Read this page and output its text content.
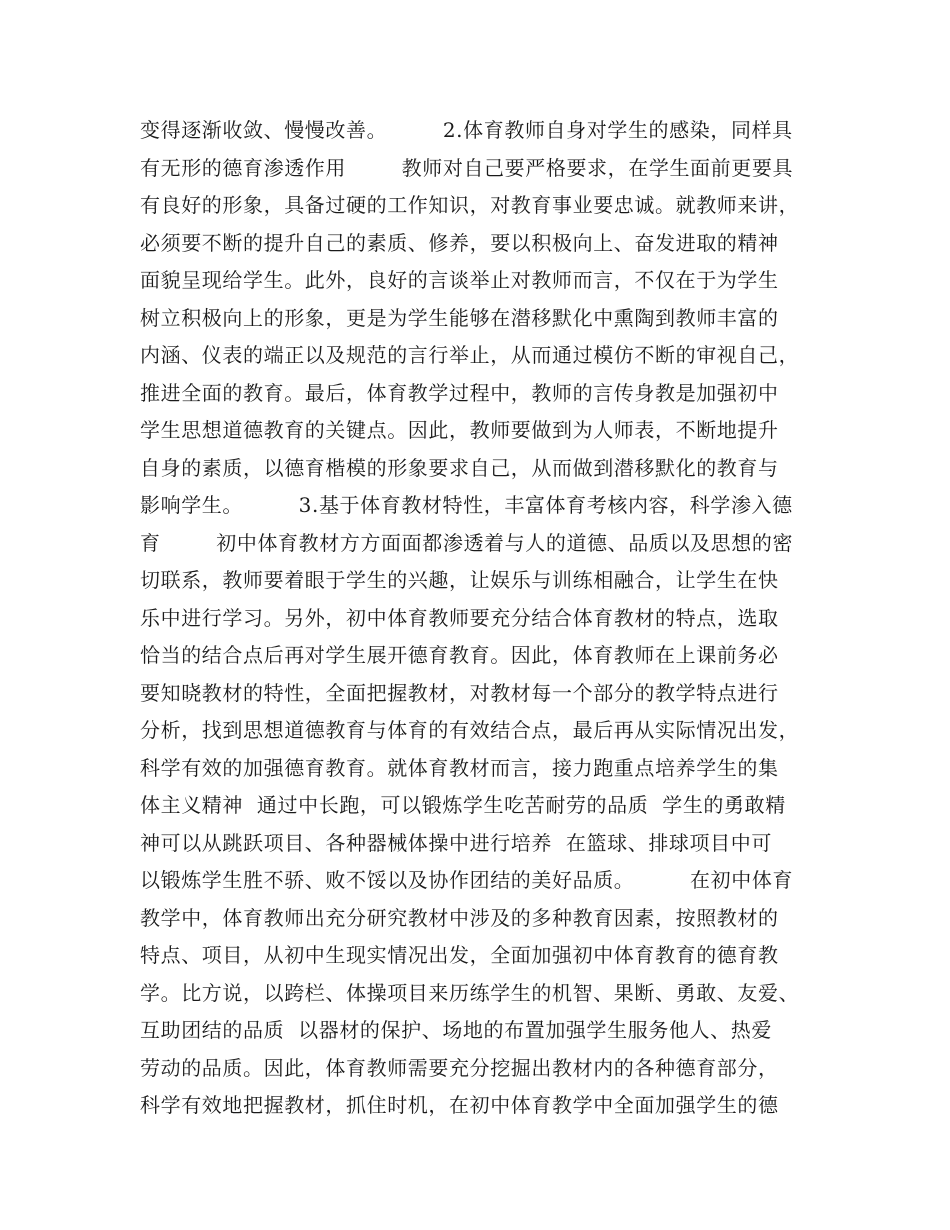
变得逐渐收敛、慢慢改善。        2.体育教师自身对学生的感染，同样具
有无形的德育渗透作用        教师对自己要严格要求，在学生面前更要具
有良好的形象，具备过硬的工作知识，对教育事业要忠诚。就教师来讲，
必须要不断的提升自己的素质、修养，要以积极向上、奋发进取的精神
面貌呈现给学生。此外，良好的言谈举止对教师而言，不仅在于为学生
树立积极向上的形象，更是为学生能够在潜移默化中熏陶到教师丰富的
内涵、仪表的端正以及规范的言行举止，从而通过模仿不断的审视自己，
推进全面的教育。最后，体育教学过程中，教师的言传身教是加强初中
学生思想道德教育的关键点。因此，教师要做到为人师表，不断地提升
自身的素质，以德育楷模的形象要求自己，从而做到潜移默化的教育与
影响学生。        3.基于体育教材特性，丰富体育考核内容，科学渗入德
育        初中体育教材方方面面都渗透着与人的道德、品质以及思想的密
切联系，教师要着眼于学生的兴趣，让娱乐与训练相融合，让学生在快
乐中进行学习。另外，初中体育教师要充分结合体育教材的特点，选取
恰当的结合点后再对学生展开德育教育。因此，体育教师在上课前务必
要知晓教材的特性，全面把握教材，对教材每一个部分的教学特点进行
分析，找到思想道德教育与体育的有效结合点，最后再从实际情况出发，
科学有效的加强德育教育。就体育教材而言，接力跑重点培养学生的集
体主义精神  通过中长跑，可以锻炼学生吃苦耐劳的品质  学生的勇敢精
神可以从跳跃项目、各种器械体操中进行培养  在篮球、排球项目中可
以锻炼学生胜不骄、败不馁以及协作团结的美好品质。        在初中体育
教学中，体育教师出充分研究教材中涉及的多种教育因素，按照教材的
特点、项目，从初中生现实情况出发，全面加强初中体育教育的德育教
学。比方说，以跨栏、体操项目来历练学生的机智、果断、勇敢、友爱、
互助团结的品质  以器材的保护、场地的布置加强学生服务他人、热爱
劳动的品质。因此，体育教师需要充分挖掘出教材内的各种德育部分，
科学有效地把握教材，抓住时机，在初中体育教学中全面加强学生的德
